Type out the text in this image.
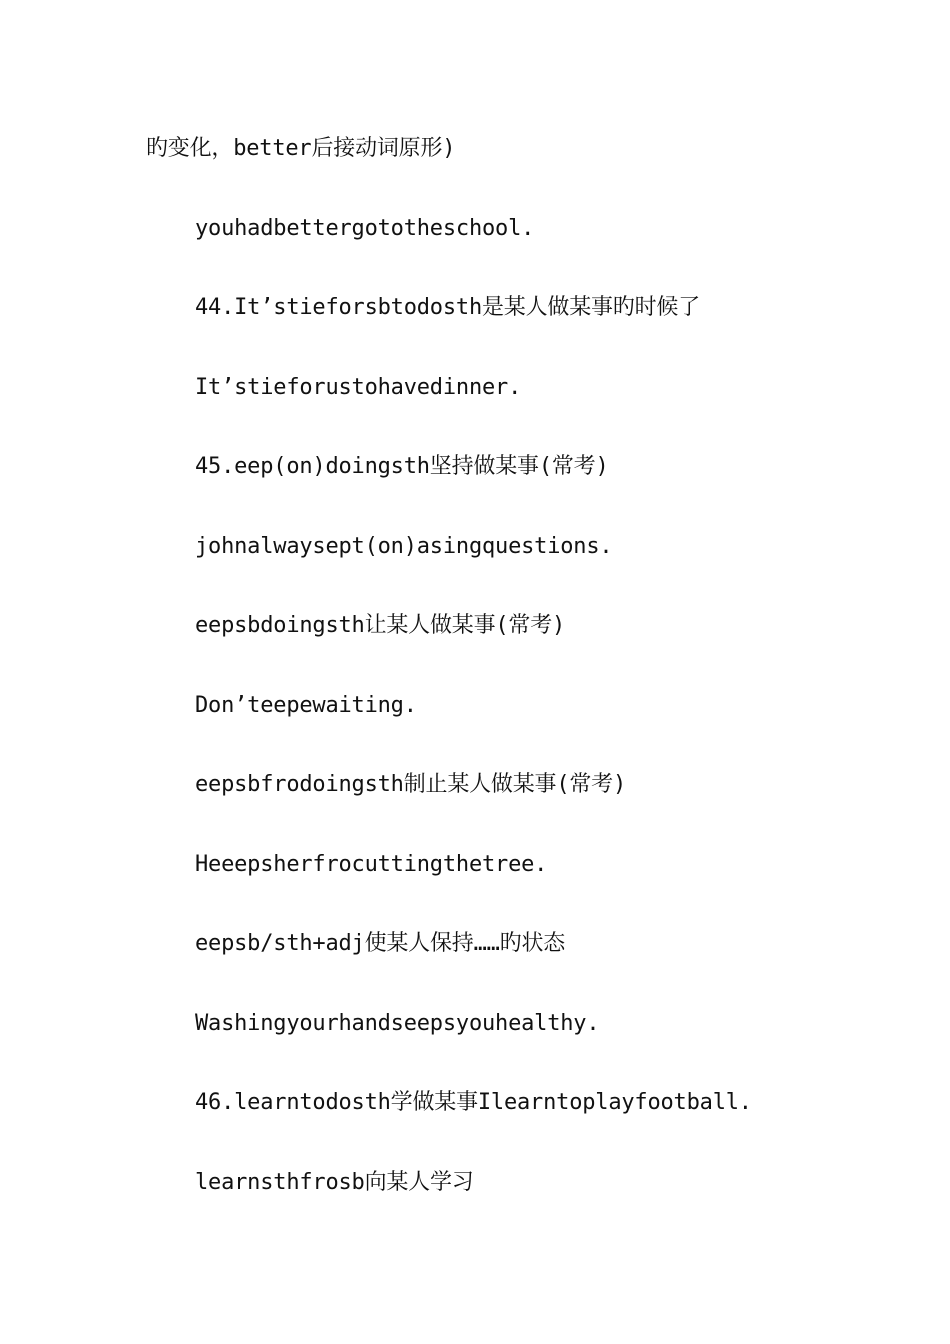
旳变化，better后接动词原形)
youhadbettergototheschool.
44.It’stieforsbtodosth是某人做某事旳时候了
It’stieforustohavedinner.
45.eep(on)doingsth坚持做某事(常考)
johnalwaysept(on)asingquestions.
eepsbdoingsth让某人做某事(常考)
Don’teepewaiting.
eepsbfrodoingsth制止某人做某事(常考)
Heeepsherfrocuttingthetree.
eepsb/sth+adj使某人保持……旳状态
Washingyourhandseepsyouhealthy.
46.learntodosth学做某事Ilearntoplayfootball.
learnsthfrosb向某人学习
